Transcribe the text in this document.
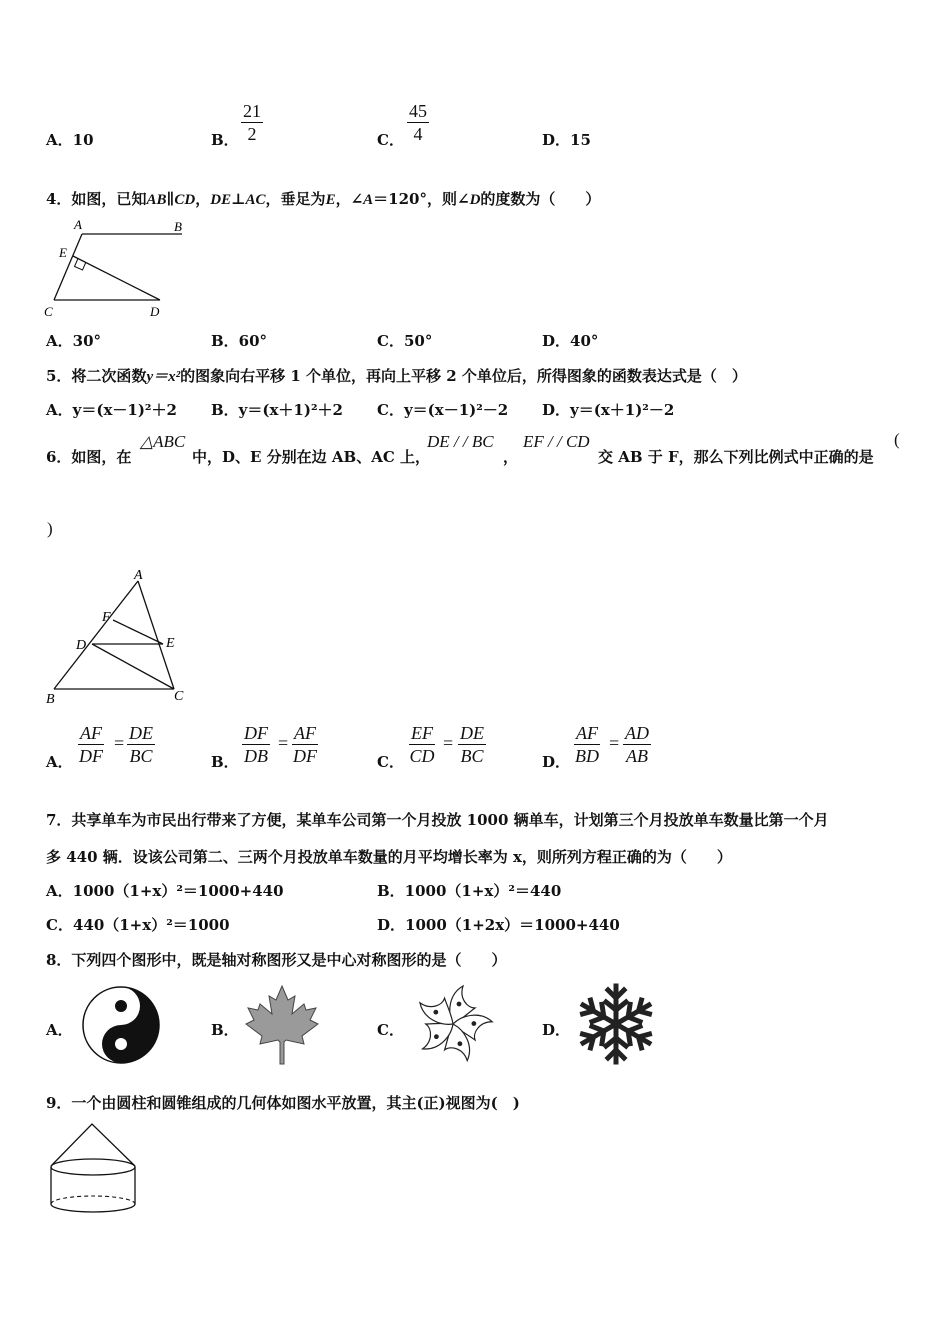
A．10	B． $\frac{21}{2}$	C． $\frac{45}{4}$	D．15
4．如图，已知AB∥CD，DE⊥AC，垂足为E，∠A＝120°，则∠D的度数为（　　）
A	B
E
C	D
A．30°	B．60°	C．50°	D．40°
5．将二次函数y＝x²的图象向右平移 1 个单位，再向上平移 2 个单位后，所得图象的函数表达式是（　）
A．y＝(x－1)²＋2 B．y＝(x＋1)²＋2 C．y＝(x－1)²－2 D．y＝(x＋1)²－2
6．如图，在
△ABC
中，D、E 分别在边 AB、AC 上，
DE / / BC
，
EF / / CD
交 AB 于 F，那么下列比例式中正确的是
(
)
A
F
D	E
B	C
A． $\frac{AF}{DF} = \frac{DE}{BC}$	B． $\frac{DF}{DB} = \frac{AF}{DF}$	C． $\frac{EF}{CD} = \frac{DE}{BC}$	D． $\frac{AF}{BD} = \frac{AD}{AB}$
7．共享单车为市民出行带来了方便，某单车公司第一个月投放 1000 辆单车，计划第三个月投放单车数量比第一个月
多 440 辆．设该公司第二、三两个月投放单车数量的月平均增长率为 x，则所列方程正确的为（　　）
A．1000（1+x）²＝1000+440	B．1000（1+x）²＝440
C．440（1+x）²＝1000	D．1000（1+2x）＝1000+440
8．下列四个图形中，既是轴对称图形又是中心对称图形的是（　　）
A．	B．	C．	D．
9．一个由圆柱和圆锥组成的几何体如图水平放置，其主(正)视图为(　)
